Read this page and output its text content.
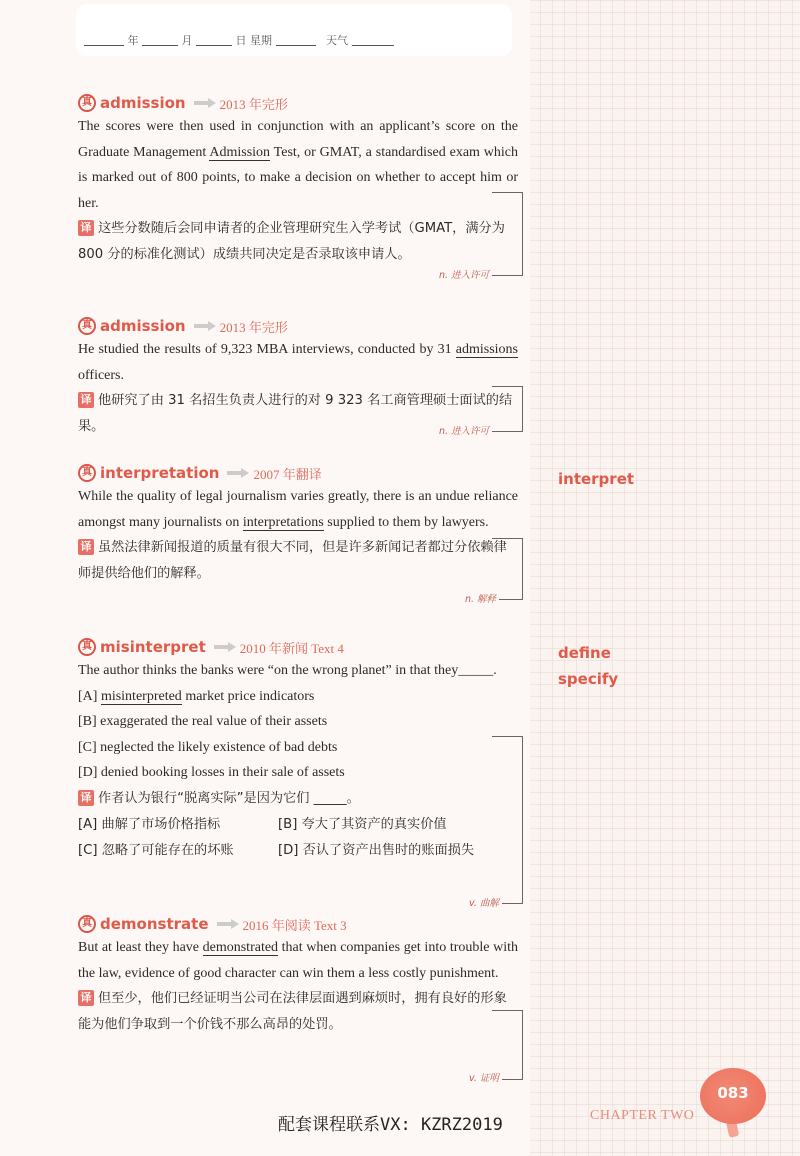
年	月	日 星期	天气
真 admission	2013 年完形

The scores were then used in conjunction with an applicant’s score on the Graduate Management Admission Test, or GMAT, a standardised exam which is marked out of 800 points, to make a decision on whether to accept him or her.

译 这些分数随后会同申请者的企业管理研究生入学考试（GMAT，满分为 800 分的标准化测试）成绩共同决定是否录取该申请人。

n. 进入许可
真 admission	2013 年完形

He studied the results of 9,323 MBA interviews, conducted by 31 admissions officers.

译 他研究了由 31 名招生负责人进行的对 9 323 名工商管理硕士面试的结果。	n. 进入许可
真 interpretation	2007 年翻译

While the quality of legal journalism varies greatly, there is an undue reliance amongst many journalists on interpretations supplied to them by lawyers.

译 虽然法律新闻报道的质量有很大不同，但是许多新闻记者都过分依赖律师提供给他们的解释。

n. 解释
真 misinterpret	2010 年新闻 Text 4

The author thinks the banks were “on the wrong planet” in that they_____.

[A] misinterpreted market price indicators

[B] exaggerated the real value of their assets

[C] neglected the likely existence of bad debts

[D] denied booking losses in their sale of assets

译 作者认为银行“脱离实际”是因为它们 _____。

[A] 曲解了市场价格指标	[B] 夸大了其资产的真实价值
[C] 忽略了可能存在的坏账	[D] 否认了资产出售时的账面损失
v. 曲解
真 demonstrate	2016 年阅读 Text 3

But at least they have demonstrated that when companies get into trouble with the law, evidence of good character can win them a less costly punishment.

译 但至少，他们已经证明当公司在法律层面遇到麻烦时，拥有良好的形象能为他们争取到一个价钱不那么高昂的处罚。

v. 证明
interpret
define
specify
083
CHAPTER TWO
配套课程联系VX: KZRZ2019
